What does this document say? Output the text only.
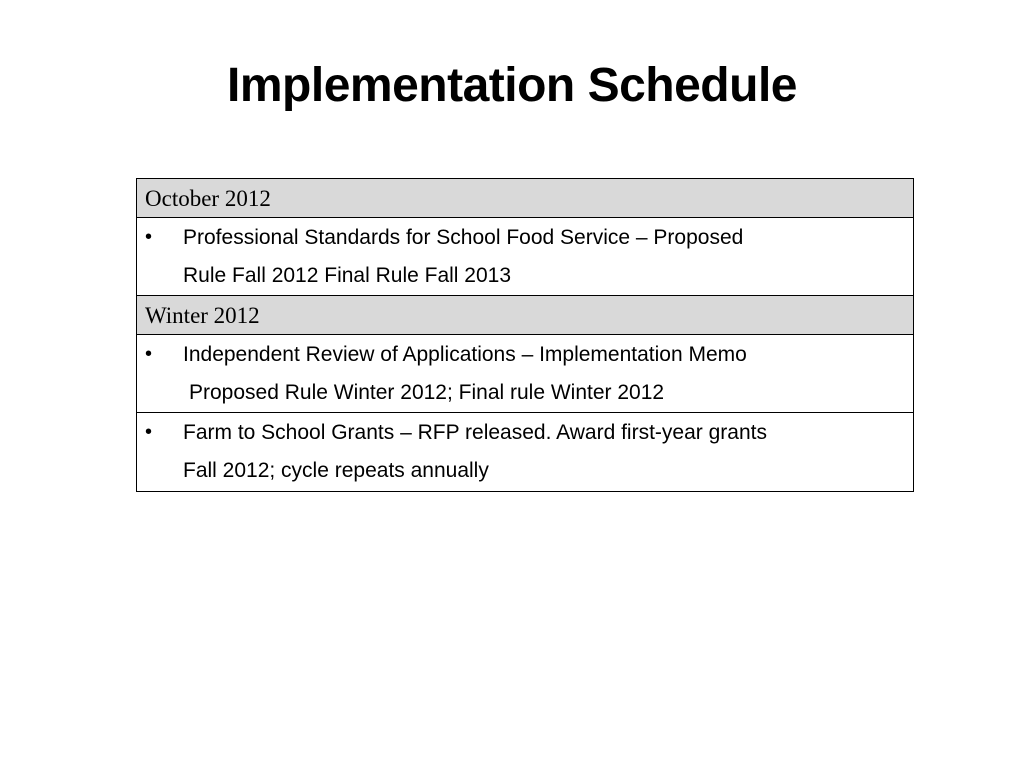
Implementation Schedule
October 2012
•	Professional Standards for School Food Service – Proposed
Rule Fall 2012 Final Rule Fall 2013
Winter 2012
•	Independent Review of Applications – Implementation Memo
Proposed Rule Winter 2012; Final rule Winter 2012
•	Farm to School Grants – RFP released. Award first-year grants
Fall 2012; cycle repeats annually
